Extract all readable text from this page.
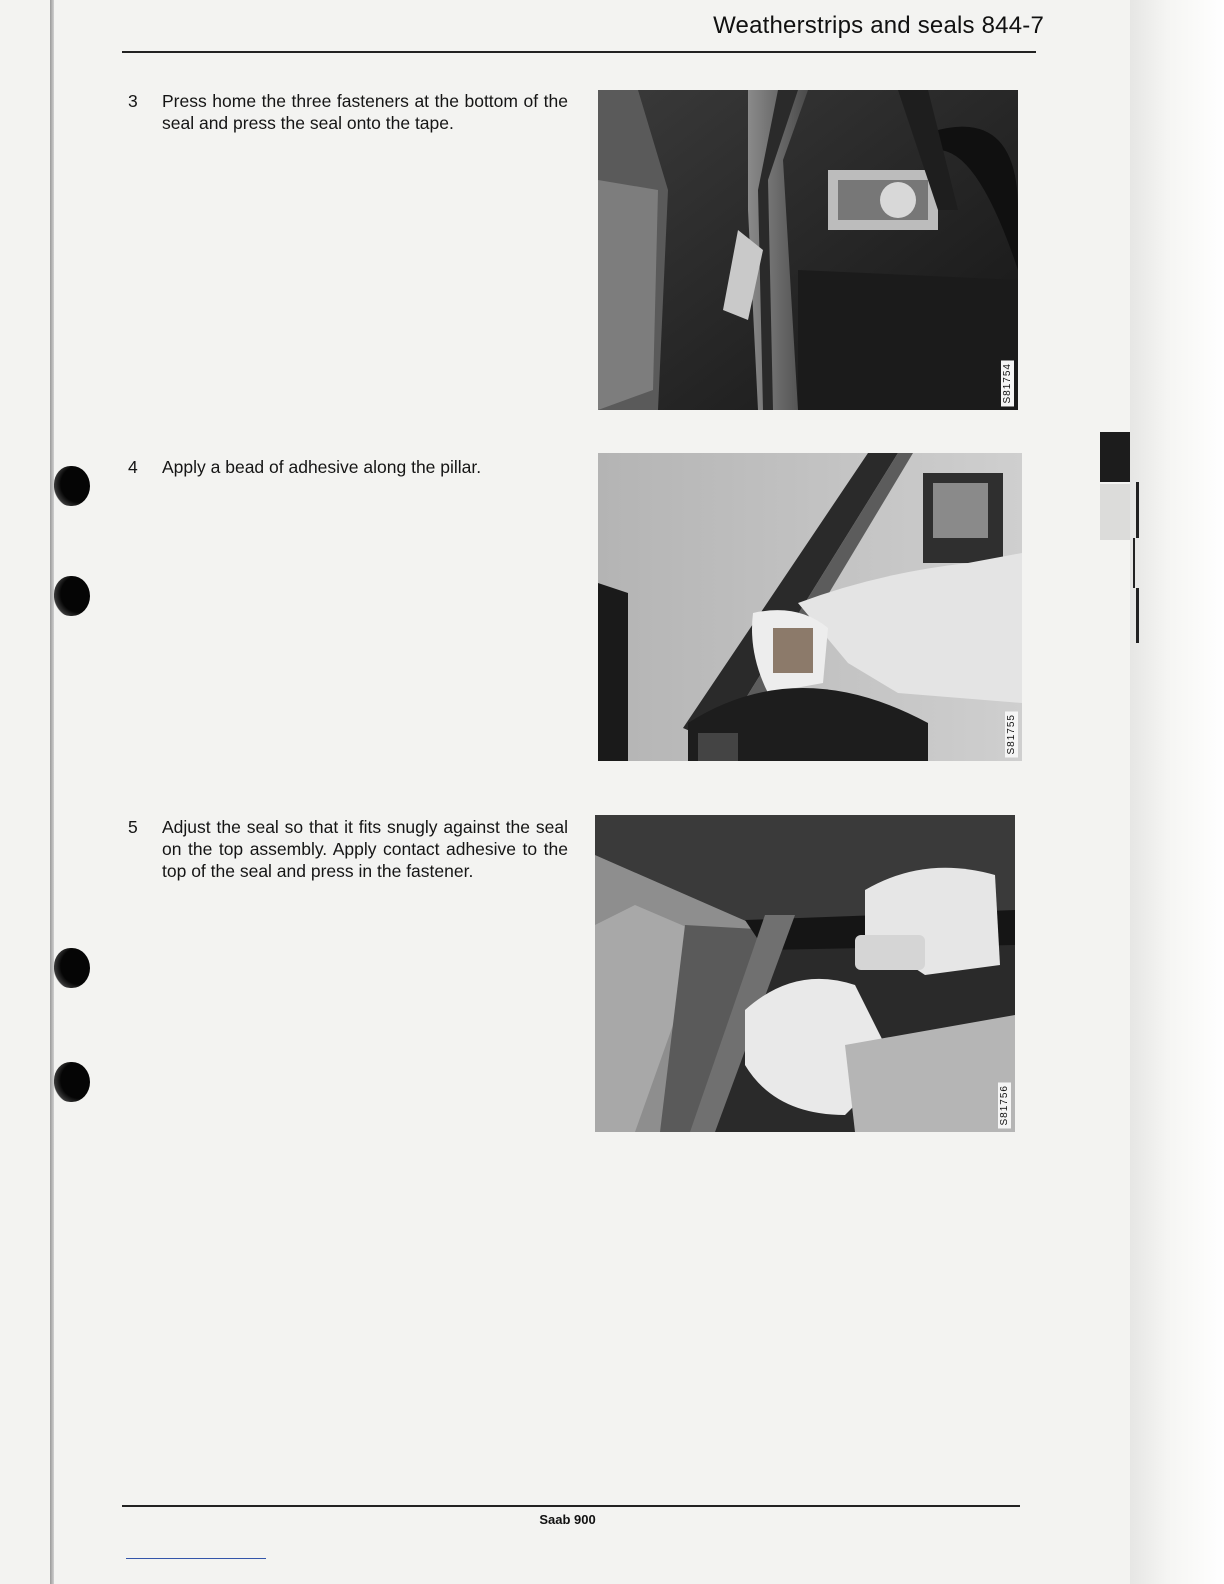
Weatherstrips and seals 844-7
3	Press home the three fasteners at the bottom of the seal and press the seal onto the tape.
4	Apply a bead of adhesive along the pillar.
5	Adjust the seal so that it fits snugly against the seal on the top assembly. Apply contact adhesive to the top of the seal and press in the fastener.
S81754
S81755
S81756
Saab 900
